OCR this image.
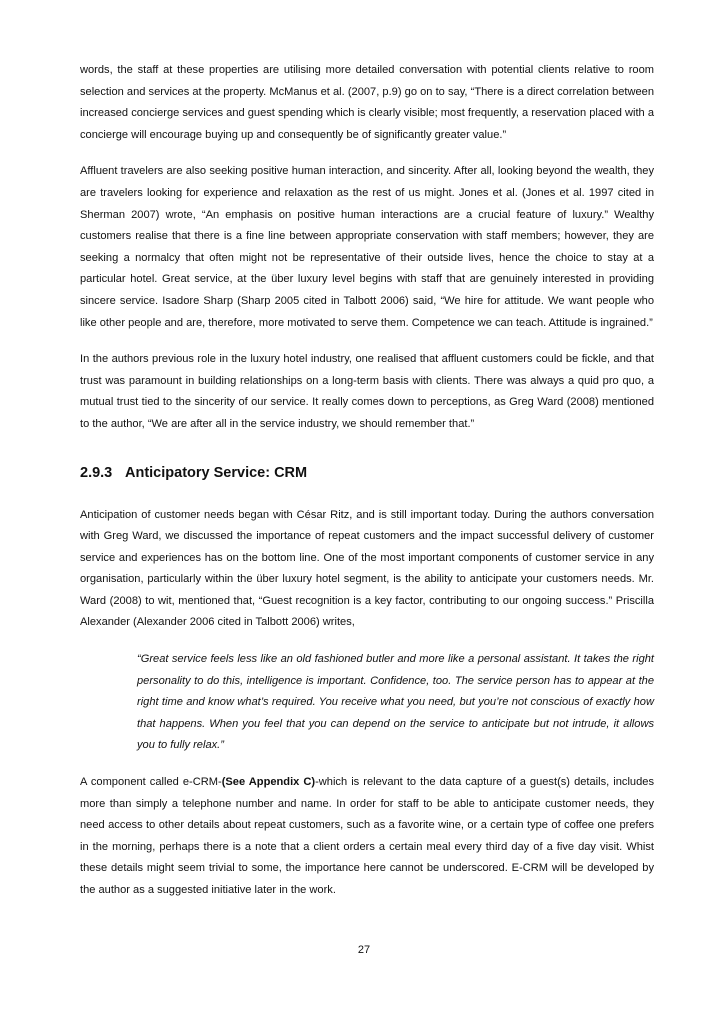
words, the staff at these properties are utilising more detailed conversation with potential clients relative to room selection and services at the property. McManus et al. (2007, p.9) go on to say, “There is a direct correlation between increased concierge services and guest spending which is clearly visible; most frequently, a reservation placed with a concierge will encourage buying up and consequently be of significantly greater value.”

Affluent travelers are also seeking positive human interaction, and sincerity. After all, looking beyond the wealth, they are travelers looking for experience and relaxation as the rest of us might. Jones et al. (Jones et al. 1997 cited in Sherman 2007) wrote, “An emphasis on positive human interactions are a crucial feature of luxury.” Wealthy customers realise that there is a fine line between appropriate conservation with staff members; however, they are seeking a normalcy that often might not be representative of their outside lives, hence the choice to stay at a particular hotel. Great service, at the über luxury level begins with staff that are genuinely interested in providing sincere service. Isadore Sharp (Sharp 2005 cited in Talbott 2006) said, “We hire for attitude. We want people who like other people and are, therefore, more motivated to serve them. Competence we can teach. Attitude is ingrained.”

In the authors previous role in the luxury hotel industry, one realised that affluent customers could be fickle, and that trust was paramount in building relationships on a long-term basis with clients. There was always a quid pro quo, a mutual trust tied to the sincerity of our service. It really comes down to perceptions, as Greg Ward (2008) mentioned to the author, “We are after all in the service industry, we should remember that.”

2.9.3 Anticipatory Service: CRM

Anticipation of customer needs began with César Ritz, and is still important today. During the authors conversation with Greg Ward, we discussed the importance of repeat customers and the impact successful delivery of customer service and experiences has on the bottom line. One of the most important components of customer service in any organisation, particularly within the über luxury hotel segment, is the ability to anticipate your customers needs. Mr. Ward (2008) to wit, mentioned that, “Guest recognition is a key factor, contributing to our ongoing success.” Priscilla Alexander (Alexander 2006 cited in Talbott 2006) writes,

“Great service feels less like an old fashioned butler and more like a personal assistant. It takes the right personality to do this, intelligence is important. Confidence, too. The service person has to appear at the right time and know what’s required. You receive what you need, but you’re not conscious of exactly how that happens. When you feel that you can depend on the service to anticipate but not intrude, it allows you to fully relax.”

A component called e-CRM-(See Appendix C)-which is relevant to the data capture of a guest(s) details, includes more than simply a telephone number and name. In order for staff to be able to anticipate customer needs, they need access to other details about repeat customers, such as a favorite wine, or a certain type of coffee one prefers in the morning, perhaps there is a note that a client orders a certain meal every third day of a five day visit. Whist these details might seem trivial to some, the importance here cannot be underscored. E-CRM will be developed by the author as a suggested initiative later in the work.

27
